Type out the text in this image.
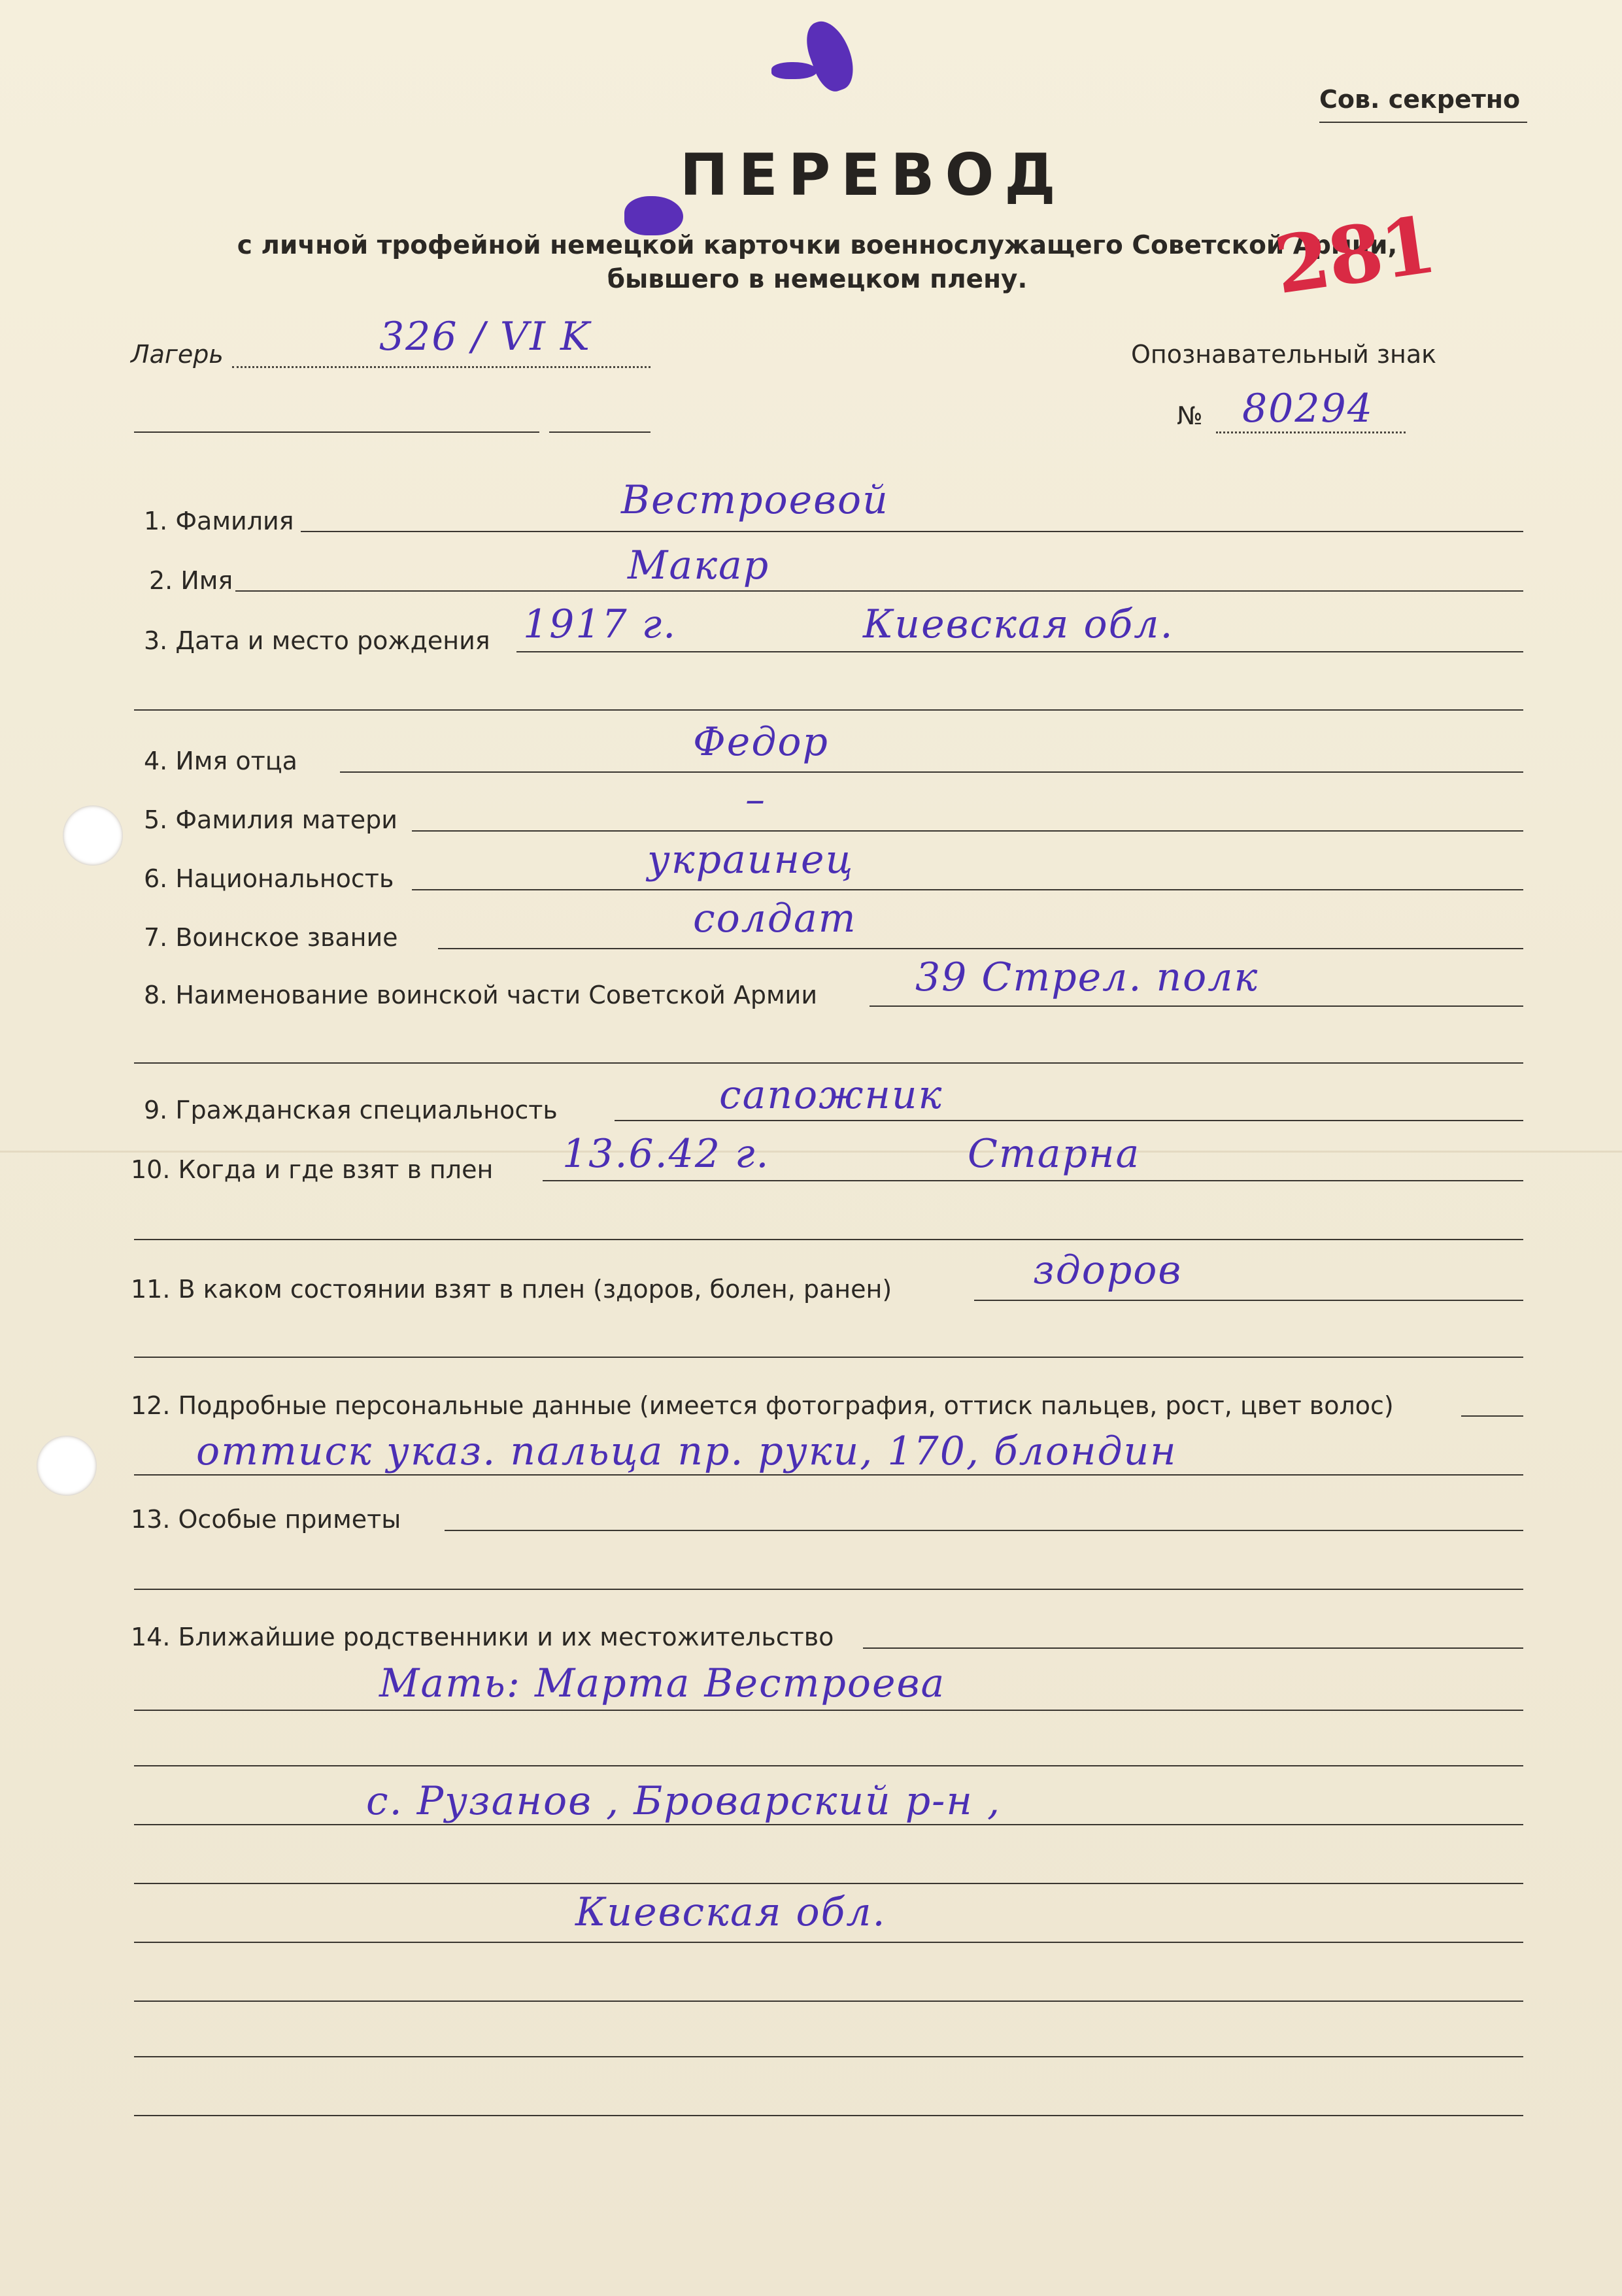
Сов. секретно
ПЕРЕВОД
с личной трофейной немецкой карточки военнослужащего Советской Армии,
бывшего в немецком плену.	281
Лагерь	326 / VI K	Опознавательный знак
№ 80294
1. Фамилия	Вестроевой
2. Имя	Макар
3. Дата и место рождения 1917 г.	Киевская обл.
4. Имя отца	Федор
5. Фамилия матери	–
6. Национальность	украинец
7. Воинское звание	солдат
8. Наименование воинской части Советской Армии 39 Стрел. полк
9. Гражданская специальность	сапожник
10. Когда и где взят в плен 13.6.42 г.	Старна
11. В каком состоянии взят в плен (здоров, болен, ранен)	здоров
12. Подробные персональные данные (имеется фотография, оттиск пальцев, рост, цвет волос)
оттиск указ. пальца пр. руки, 170, блондин
13. Особые приметы
14. Ближайшие родственники и их местожительство
Мать: Марта Вестроева
с. Рузанов , Броварский р-н ,
Киевская обл.
